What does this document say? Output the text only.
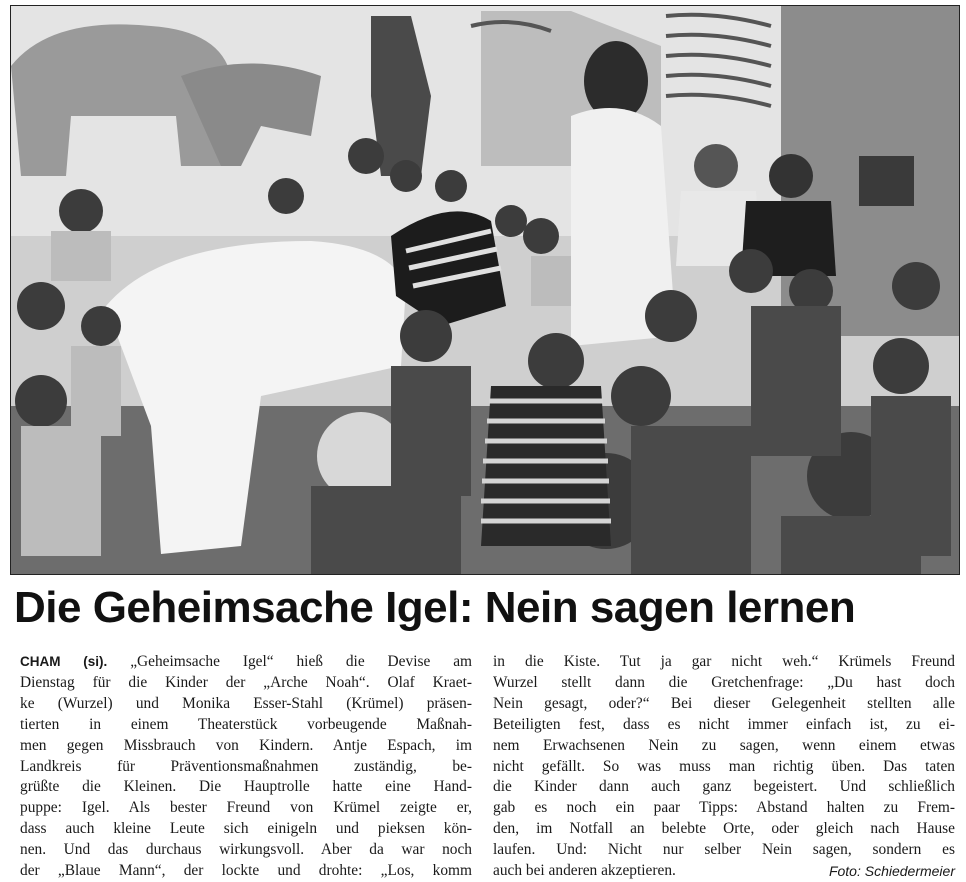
Die Geheimsache Igel: Nein sagen lernen
CHAM (si). „Geheimsache Igel“ hieß die Devise am
Dienstag für die Kinder der „Arche Noah“. Olaf Kraet-
ke (Wurzel) und Monika Esser-Stahl (Krümel) präsen-
tierten in einem Theaterstück vorbeugende Maßnah-
men gegen Missbrauch von Kindern. Antje Espach, im
Landkreis für Präventionsmaßnahmen zuständig, be-
grüßte die Kleinen. Die Hauptrolle hatte eine Hand-
puppe: Igel. Als bester Freund von Krümel zeigte er,
dass auch kleine Leute sich einigeln und pieksen kön-
nen. Und das durchaus wirkungsvoll. Aber da war noch
der „Blaue Mann“, der lockte und drohte: „Los, komm
in die Kiste. Tut ja gar nicht weh.“ Krümels Freund
Wurzel stellt dann die Gretchenfrage: „Du hast doch
Nein gesagt, oder?“ Bei dieser Gelegenheit stellten alle
Beteiligten fest, dass es nicht immer einfach ist, zu ei-
nem Erwachsenen Nein zu sagen, wenn einem etwas
nicht gefällt. So was muss man richtig üben. Das taten
die Kinder dann auch ganz begeistert. Und schließlich
gab es noch ein paar Tipps: Abstand halten zu Frem-
den, im Notfall an belebte Orte, oder gleich nach Hause
laufen. Und: Nicht nur selber Nein sagen, sondern es
auch bei anderen akzeptieren.	Foto: Schiedermeier
